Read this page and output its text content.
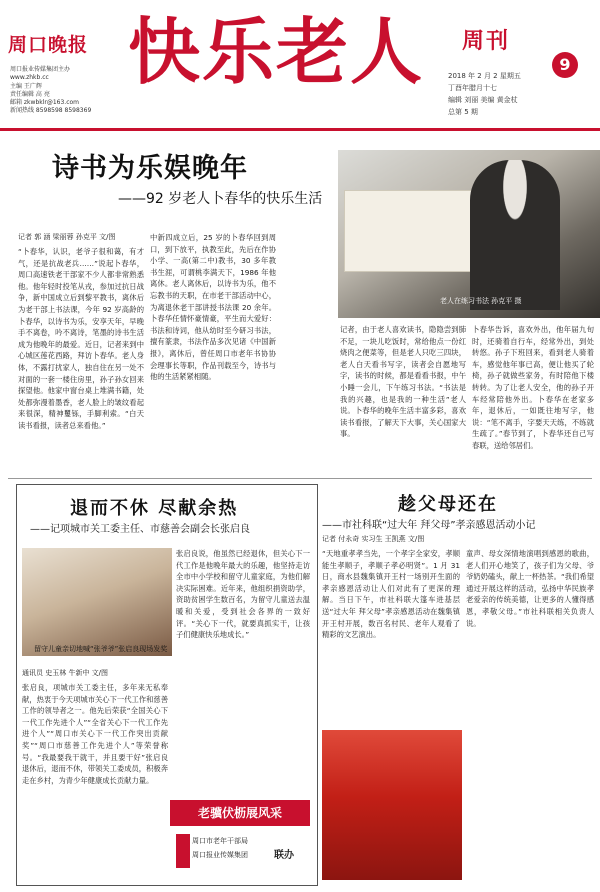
周口晚报
周口报业传媒集团主办
www.zhkb.cc
主编 王广辉
责任编辑 高 亮
邮箱 zkwbklr@163.com
新闻热线 8598598 8598369
快乐老人 周刊
9
2018 年 2 月 2 星期五
丁酉年腊月十七
编辑 刘丽 美编 黄金杖
总第 5 期
诗书为乐娱晚年
——92 岁老人卜春华的快乐生活
老人在练习书法 孙克平 摄
记者 郭 涵 梁丽蓉 孙克平 文/图
“卜春华，认识，老爷子很和蔼，有才气，还是抗战老兵……”说起卜春华，周口高速铁老干部家不少人都非常熟悉他。他年轻时投笔从戎，参加过抗日战争，新中国成立后到黎平教书，离休后为老干部上书法课，今年 92 岁高龄的卜春华，以诗书为乐，安享天年，早晚手不离卷，吟不离诗，笔墨的诗书生活成为他晚年的最爱。近日，记者来到中心城区莲花西路，拜访卜春华。老人身体，不露打扰家人，独自住在另一处不对面的一套一楼住房里，孙子孙女回来探望他。他家中窗台桌上堆满书籍，处处都弥漫着墨香，老人脸上的皱纹看起来很深，精神矍铄，手脚利索。“白天读书看报，读者总来看他。”
中新四成立后，25 岁的卜春华回到周口，到下放平，执教至此，先后在作协小学、一高(第二中)教书，30 多年教书生涯，可谓桃李满天下，1986 年他离休。老人离休后，以诗书为乐，他不忘教书的天职，在市老干部活动中心，为离退休老干部讲授书法课 20 余年。卜春华任情怀豪情豪，平生而大爱好：书法和诗词，他从幼时至今研习书法，擅有篆隶，书法作品多次见诸《中国新报》，离休后，曾任周口市老年书协协会理事长等职，作品刊载至今，诗书与他的生活紧紧相随。
记者，由于老人喜欢读书，隐隐尝到肺不足，一块儿吃饭时，常给他点一份红烧肉之便菜等，但是老人只吃三四块，老人白天看书写字，读者会自愿地写字，读书的时候，都是看看书报，中午小睡一会儿，下午练习书法。“书法是我的兴趣，也是我的一种生活”老人说。卜春华的晚年生活丰富多彩，喜欢读书看报，了解天下大事，关心国家大事。
卜春华告诉，喜欢外出，他年届九旬时，还骑着自行车，经常外出，到处转悠。孙子下班回来，看到老人骑着车，感觉他年事已高，便让他买了轮椅，孙子就做些家务，有时陪他下楼转转。为了让老人安全，他的孙子开车经常陪他外出。卜春华在老家多年，退休后，一如既往地写字，他说：“笔不离手，字要天天练，不练就生疏了。”春节到了，卜春华还自己写春联，送给邻居们。
退而不休 尽献余热
——记项城市关工委主任、市慈善会副会长张启良
留守儿童亲切地喊“张爷爷”张启良现场发奖
通讯员 史玉林 牛新中 文/图
张启良，项城市关工委主任，多年来无私奉献，热衷于今天项城市关心下一代工作和慈善工作的领导者之一。他先后荣获“全国关心下一代工作先进个人”“全省关心下一代工作先进个人”“周口市关心下一代工作突出贡献奖”“周口市慈善工作先进个人”等荣誉称号。“我最要我干就干，并且要干好”张启良退休后，退而不休，带领关工委成员，积极奔走在乡村，为青少年健康成长贡献力量。
张启良说，他虽然已经退休，但关心下一代工作是他晚年最大的乐趣，他坚持走访全市中小学校和留守儿童家庭，为他们解决实际困难。近年来，他组织捐资助学，资助贫困学生数百名，为留守儿童送去温暖和关爱，受到社会各界的一致好评。“关心下一代，就要真抓实干，让孩子们健康快乐地成长。”
老骥伏枥展风采
周口市老年干部局
周口报业传媒集团	联办
趁父母还在
——市社科联“过大年 拜父母”孝亲感恩活动小记
记者 付永奇 实习生 王凯燕 文/图
“天地重孝孝当先，一个孝字全家安，孝顺能生孝顺子，孝顺子孝必明贤”。1 月 31 日，商水县魏集镇开王村一场别开生面的孝亲感恩活动让人们对此有了更深的理解。当日下午，市社科联大篷车进基层送“过大年 拜父母”孝亲感恩活动在魏集镇开王村开展，数百名村民、老年人观看了精彩的文艺演出。
童声、母女深情地演唱到感恩的歌曲，老人们开心地笑了，孩子们为父母、爷爷奶奶磕头，献上一杯热茶。“我们希望通过开展这样的活动，弘扬中华民族孝老爱亲的传统美德，让更多的人懂得感恩，孝敬父母。”市社科联相关负责人说。
